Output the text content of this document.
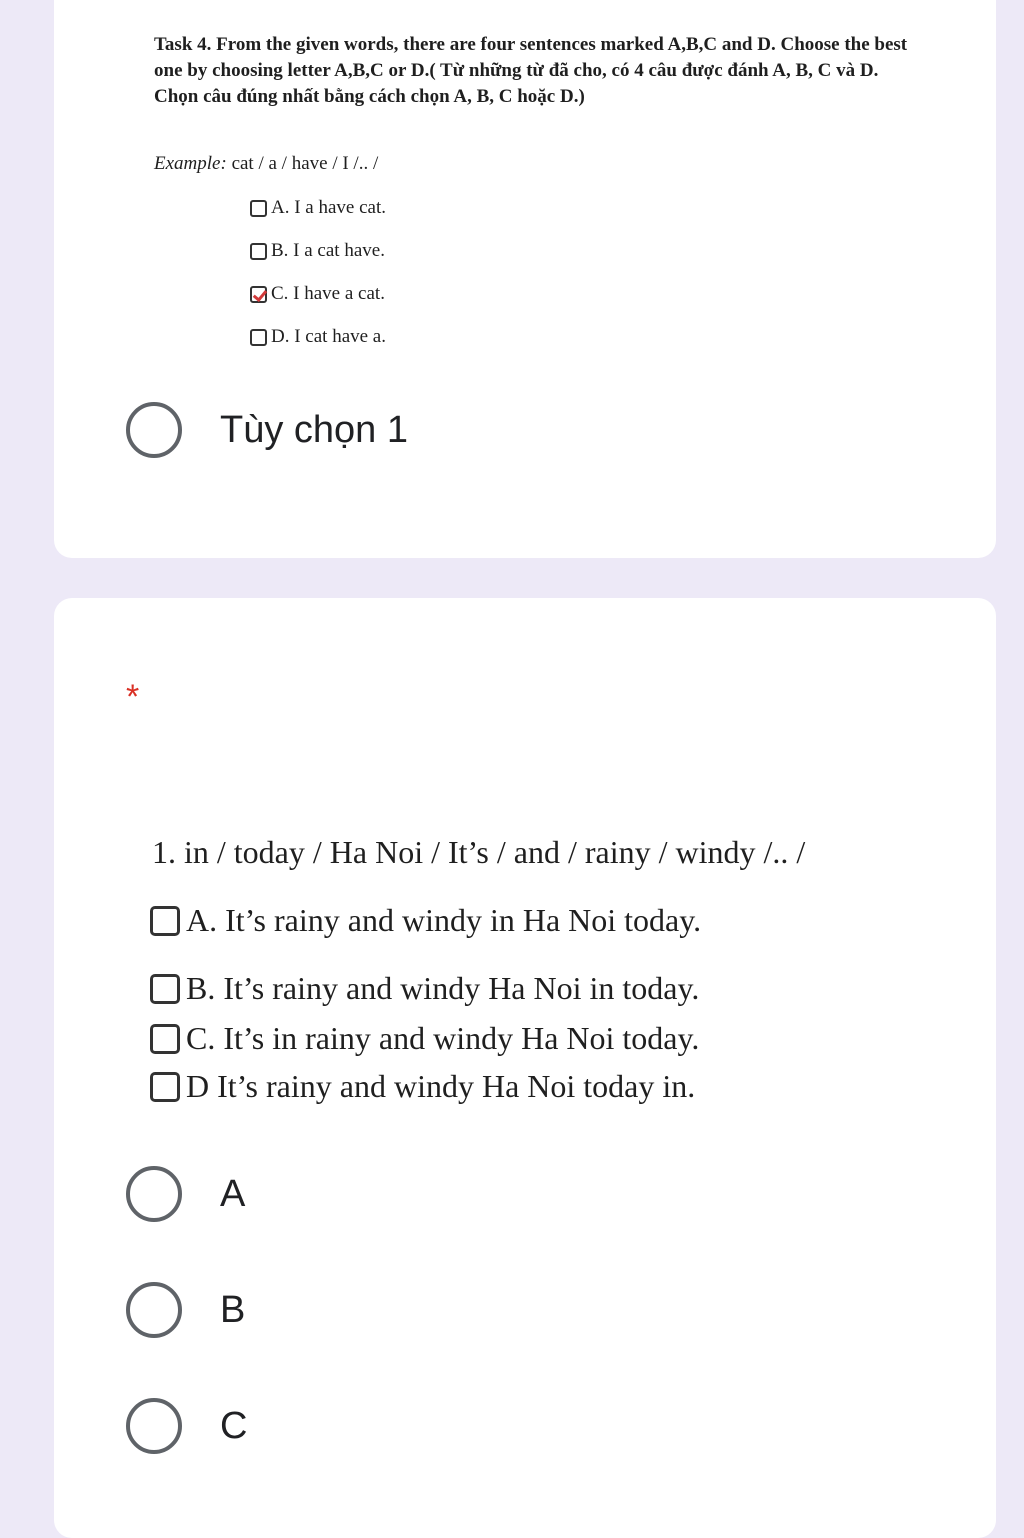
Task 4. From the given words, there are four sentences marked A,B,C and D. Choose the best one by choosing letter A,B,C or D.( Từ những từ đã cho, có 4 câu được đánh A, B, C và D. Chọn câu đúng nhất bằng cách chọn A, B, C hoặc D.)
Example: cat / a / have / I /.. /
A. I a have cat.
B. I a cat have.
C. I have a cat.
D. I cat have a.
Tùy chọn 1
*
1. in / today / Ha Noi / It’s / and / rainy / windy /.. /
A. It’s rainy and windy in Ha Noi today.
B. It’s rainy and windy Ha Noi in today.
C. It’s in rainy and windy Ha Noi today.
D It’s rainy and windy Ha Noi today in.
A
B
C
